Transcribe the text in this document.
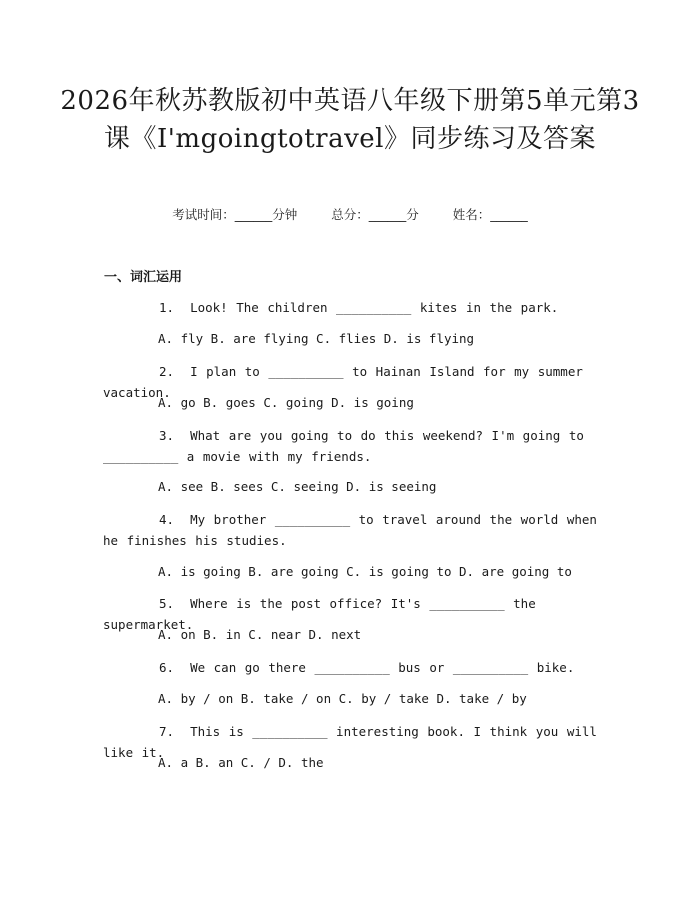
2026年秋苏教版初中英语八年级下册第5单元第3课《I'mgoingtotravel》同步练习及答案
考试时间：______分钟	总分：______分	姓名：______
一、词汇运用
1. Look! The children __________ kites in the park.
A. fly B. are flying C. flies D. is flying
2. I plan to __________ to Hainan Island for my summer vacation.
A. go B. goes C. going D. is going
3. What are you going to do this weekend? I'm going to __________ a movie with my friends.
A. see B. sees C. seeing D. is seeing
4. My brother __________ to travel around the world when he finishes his studies.
A. is going B. are going C. is going to D. are going to
5. Where is the post office? It's __________ the supermarket.
A. on B. in C. near D. next
6. We can go there __________ bus or __________ bike.
A. by / on B. take / on C. by / take D. take / by
7. This is __________ interesting book. I think you will like it.
A. a B. an C. / D. the
